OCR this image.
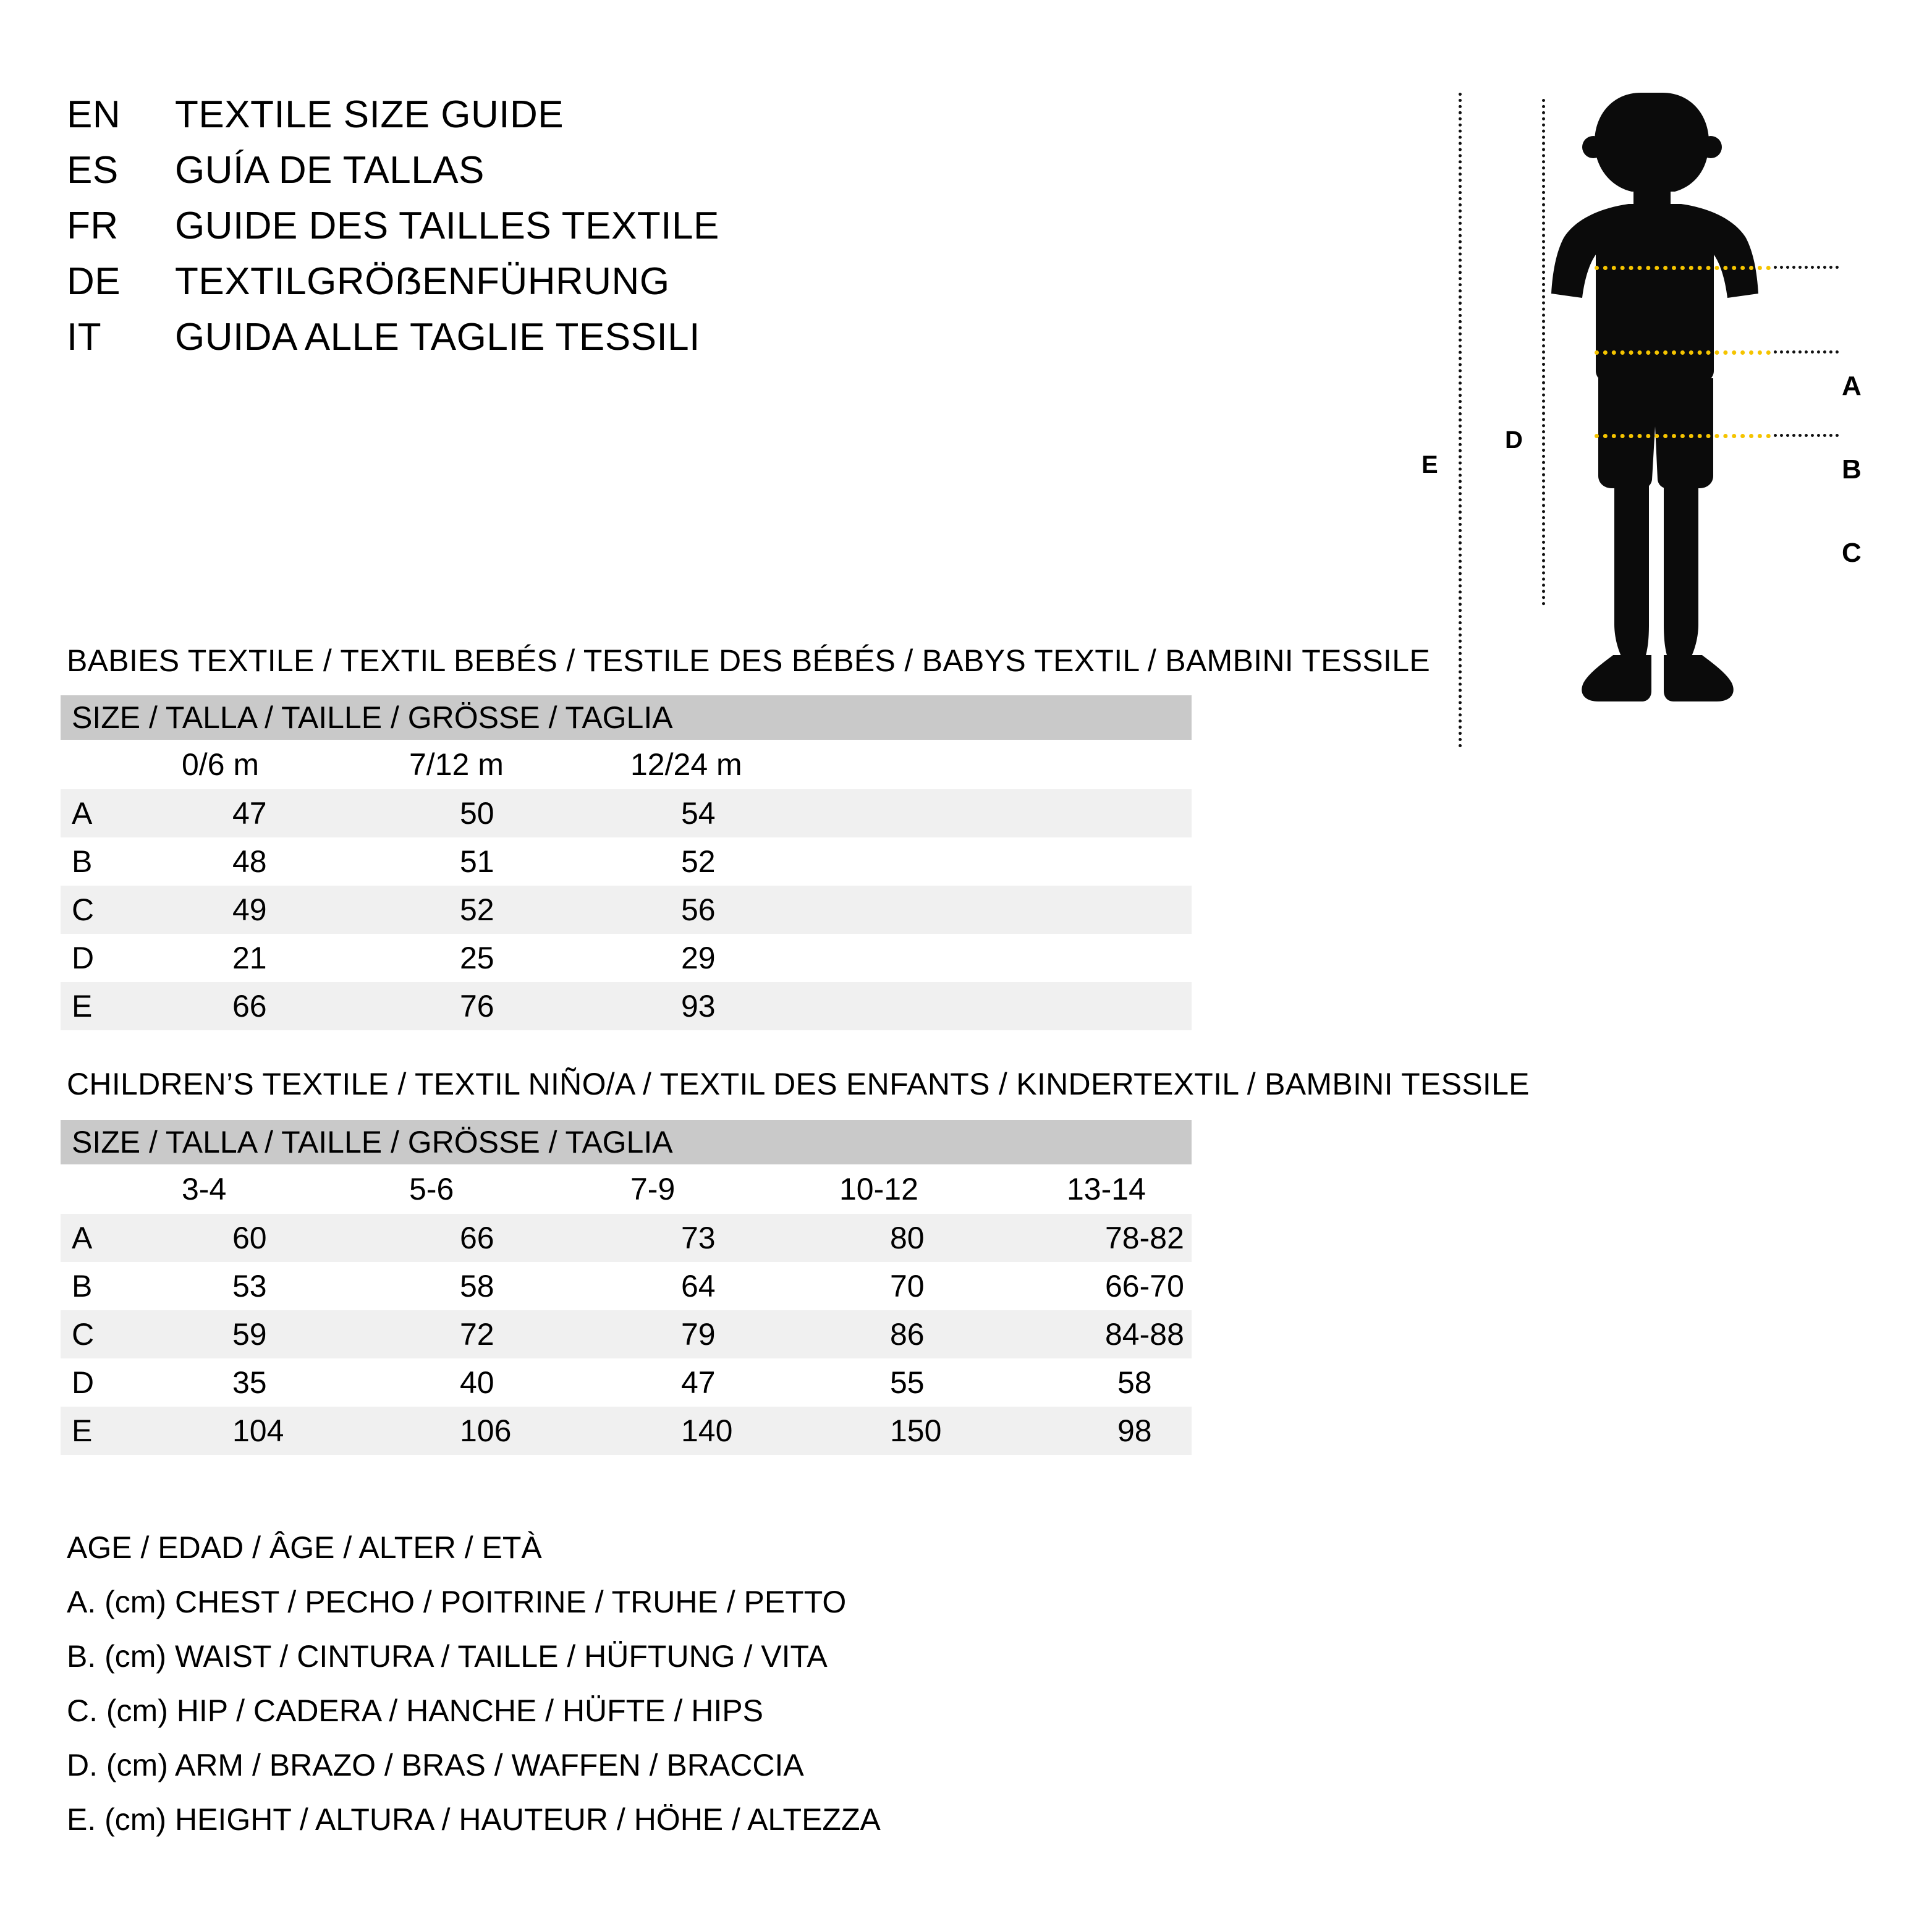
EN	TEXTILE SIZE GUIDE
ES	GUÍA DE TALLAS
FR	GUIDE DES TAILLES TEXTILE
DE	TEXTILGRÖẞENFÜHRUNG
IT	GUIDA ALLE TAGLIE TESSILI
E
D
A
B
C
BABIES TEXTILE / TEXTIL BEBÉS / TESTILE DES BÉBÉS / BABYS TEXTIL / BAMBINI TESSILE
SIZE / TALLA / TAILLE / GRÖSSE / TAGLIA			
	0/6 m	7/12 m	12/24 m
A	47	50	54
B	48	51	52
C	49	52	56
D	21	25	29
E	66	76	93
CHILDREN’S TEXTILE / TEXTIL NIÑO/A / TEXTIL DES ENFANTS / KINDERTEXTIL / BAMBINI TESSILE
SIZE / TALLA / TAILLE / GRÖSSE / TAGLIA					
	3-4	5-6	7-9	10-12	13-14
A	60	66	73	80	78-82
B	53	58	64	70	66-70
C	59	72	79	86	84-88
D	35	40	47	55	58
E	104	106	140	150	98
AGE / EDAD / ÂGE / ALTER / ETÀ
A. (cm) CHEST / PECHO / POITRINE / TRUHE / PETTO
B. (cm) WAIST / CINTURA / TAILLE / HÜFTUNG / VITA
C. (cm) HIP / CADERA / HANCHE / HÜFTE / HIPS
D. (cm) ARM / BRAZO / BRAS / WAFFEN / BRACCIA
E. (cm) HEIGHT / ALTURA / HAUTEUR / HÖHE / ALTEZZA
